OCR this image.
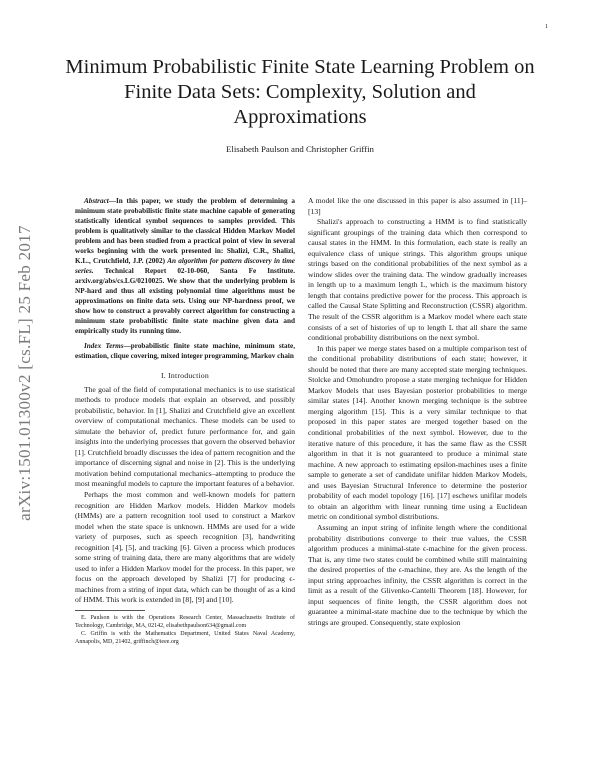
1
arXiv:1501.01300v2 [cs.FL] 25 Feb 2017
Minimum Probabilistic Finite State Learning Problem on Finite Data Sets: Complexity, Solution and Approximations
Elisabeth Paulson and Christopher Griffin

Abstract—In this paper, we study the problem of determining a minimum state probabilistic finite state machine capable of generating statistically identical symbol sequences to samples provided. This problem is qualitatively similar to the classical Hidden Markov Model problem and has been studied from a practical point of view in several works beginning with the work presented in: Shalizi, C.R., Shalizi, K.L., Crutchfield, J.P. (2002) An algorithm for pattern discovery in time series. Technical Report 02-10-060, Santa Fe Institute. arxiv.org/abs/cs.LG/0210025. We show that the underlying problem is NP-hard and thus all existing polynomial time algorithms must be approximations on finite data sets. Using our NP-hardness proof, we show how to construct a provably correct algorithm for constructing a minimum state probabilistic finite state machine given data and empirically study its running time.

Index Terms—probabilistic finite state machine, minimum state, estimation, clique covering, mixed integer programming, Markov chain

I. Introduction

The goal of the field of computational mechanics is to use statistical methods to produce models that explain an observed, and possibly probabilistic, behavior. In [1], Shalizi and Crutchfield give an excellent overview of computational mechanics. These models can be used to simulate the behavior of, predict future performance for, and gain insights into the underlying processes that govern the observed behavior [1]. Crutchfield broadly discusses the idea of pattern recognition and the importance of discerning signal and noise in [2]. This is the underlying motivation behind computational mechanics–attempting to produce the most meaningful models to capture the important features of a behavior.

Perhaps the most common and well-known models for pattern recognition are Hidden Markov models. Hidden Markov models (HMMs) are a pattern recognition tool used to construct a Markov model when the state space is unknown. HMMs are used for a wide variety of purposes, such as speech recognition [3], handwriting recognition [4], [5], and tracking [6]. Given a process which produces some string of training data, there are many algorithms that are widely used to infer a Hidden Markov model for the process. In this paper, we focus on the approach developed by Shalizi [7] for producing ϵ-machines from a string of input data, which can be thought of as a kind of HMM. This work is extended in [8], [9] and [10].

E. Paulson is with the Operations Research Center, Massachusetts Institute of Technology, Cambridge, MA, 02142, elisabethpaulson634@gmail.com

C. Griffin is with the Mathematics Department, United States Naval Academy, Annapolis, MD, 21402, griffinch@ieee.org

A model like the one discussed in this paper is also assumed in [11]–[13]

Shalizi's approach to constructing a HMM is to find statistically significant groupings of the training data which then correspond to causal states in the HMM. In this formulation, each state is really an equivalence class of unique strings. This algorithm groups unique strings based on the conditional probabilities of the next symbol as a window slides over the training data. The window gradually increases in length up to a maximum length L, which is the maximum history length that contains predictive power for the process. This approach is called the Causal State Splitting and Reconstruction (CSSR) algorithm. The result of the CSSR algorithm is a Markov model where each state consists of a set of histories of up to length L that all share the same conditional probability distributions on the next symbol.

In this paper we merge states based on a multiple comparison test of the conditional probability distributions of each state; however, it should be noted that there are many accepted state merging techniques. Stolcke and Omohundro propose a state merging technique for Hidden Markov Models that uses Bayesian posterior probabilities to merge similar states [14]. Another known merging technique is the subtree merging algorithm [15]. This is a very similar technique to that proposed in this paper states are merged together based on the conditional probabilities of the next symbol. However, due to the iterative nature of this procedure, it has the same flaw as the CSSR algorithm in that it is not guaranteed to produce a minimal state machine. A new approach to estimating epsilon-machines uses a finite sample to generate a set of candidate unifilar hidden Markov Models, and uses Bayesian Structural Inference to determine the posterior probability of each model topology [16]. [17] eschews unifilar models to obtain an algorithm with linear running time using a Euclidean metric on conditional symbol distributions.

Assuming an input string of infinite length where the conditional probability distributions converge to their true values, the CSSR algorithm produces a minimal-state ϵ-machine for the given process. That is, any time two states could be combined while still maintaining the desired properties of the ϵ-machine, they are. As the length of the input string approaches infinity, the CSSR algorithm is correct in the limit as a result of the Glivenko-Cantelli Theorem [18]. However, for input sequences of finite length, the CSSR algorithm does not guarantee a minimal-state machine due to the technique by which the strings are grouped. Consequently, state explosion
